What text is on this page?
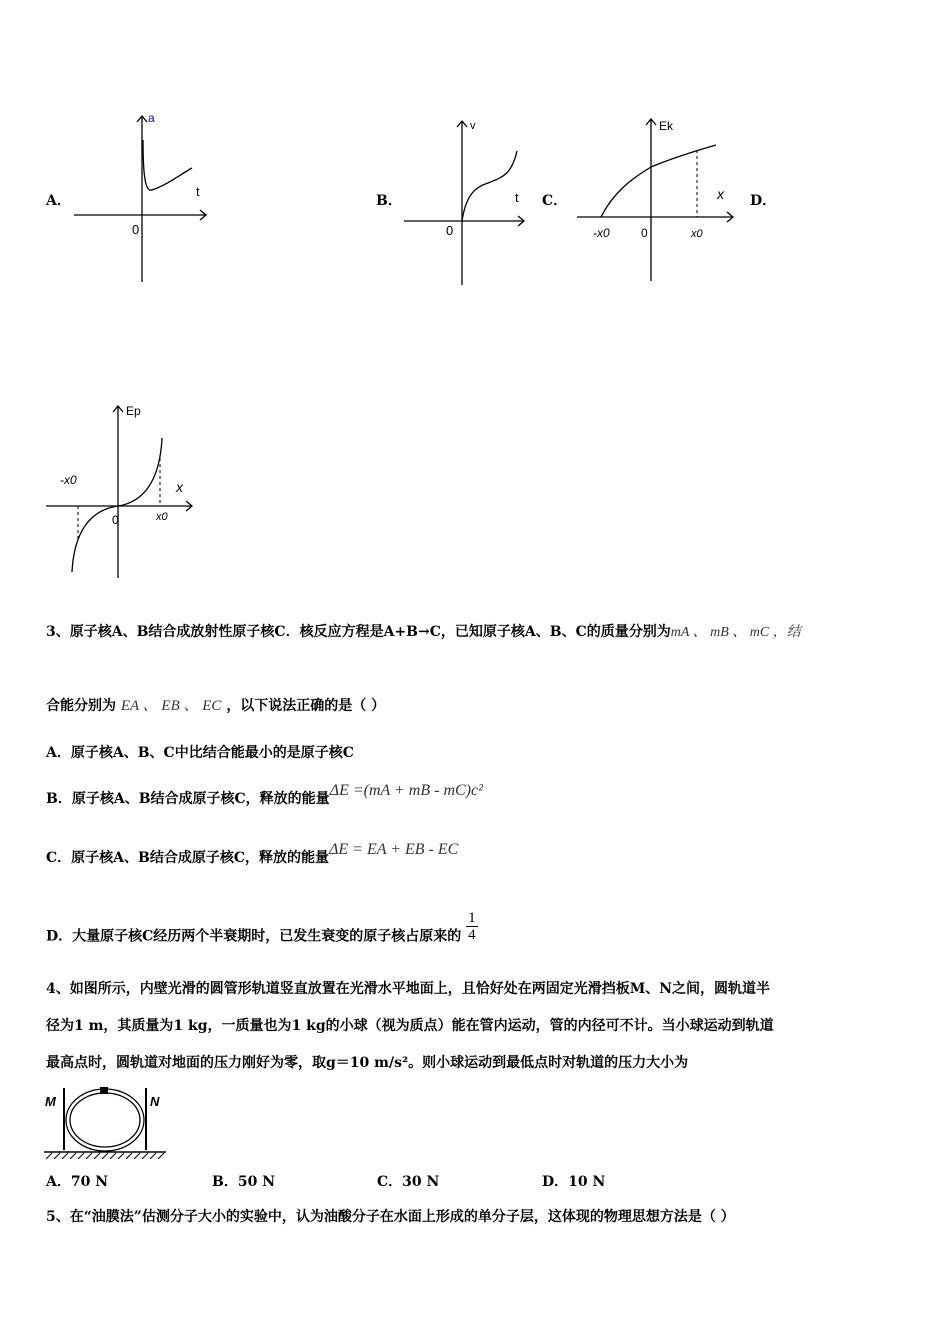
A．
a
t
0
B．
v
t
0
C．
Ek
x
-x0	0	x0
D．
Ep
x
-x0
0	x0
3、原子核A、B结合成放射性原子核C．核反应方程是A+B→C，已知原子核A、B、C的质量分别为mA 、 mB 、 mC ，结
合能分别为 EA 、 EB 、 EC ，以下说法正确的是（ ）
A．原子核A、B、C中比结合能最小的是原子核C
B．原子核A、B结合成原子核C，释放的能量ΔE =(mA + mB - mC)c²
C．原子核A、B结合成原子核C，释放的能量ΔE = EA + EB - EC
D．大量原子核C经历两个半衰期时，已发生衰变的原子核占原来的 $\frac{1}{4}$
4、如图所示，内壁光滑的圆管形轨道竖直放置在光滑水平地面上，且恰好处在两固定光滑挡板M、N之间，圆轨道半
径为1 m，其质量为1 kg，一质量也为1 kg的小球（视为质点）能在管内运动，管的内径可不计。当小球运动到轨道
最高点时，圆轨道对地面的压力刚好为零，取g＝10 m/s²。则小球运动到最低点时对轨道的压力大小为
M	N
A．70 N	B．50 N	C．30 N	D．10 N
5、在“油膜法”估测分子大小的实验中，认为油酸分子在水面上形成的单分子层，这体现的物理思想方法是（ ）
